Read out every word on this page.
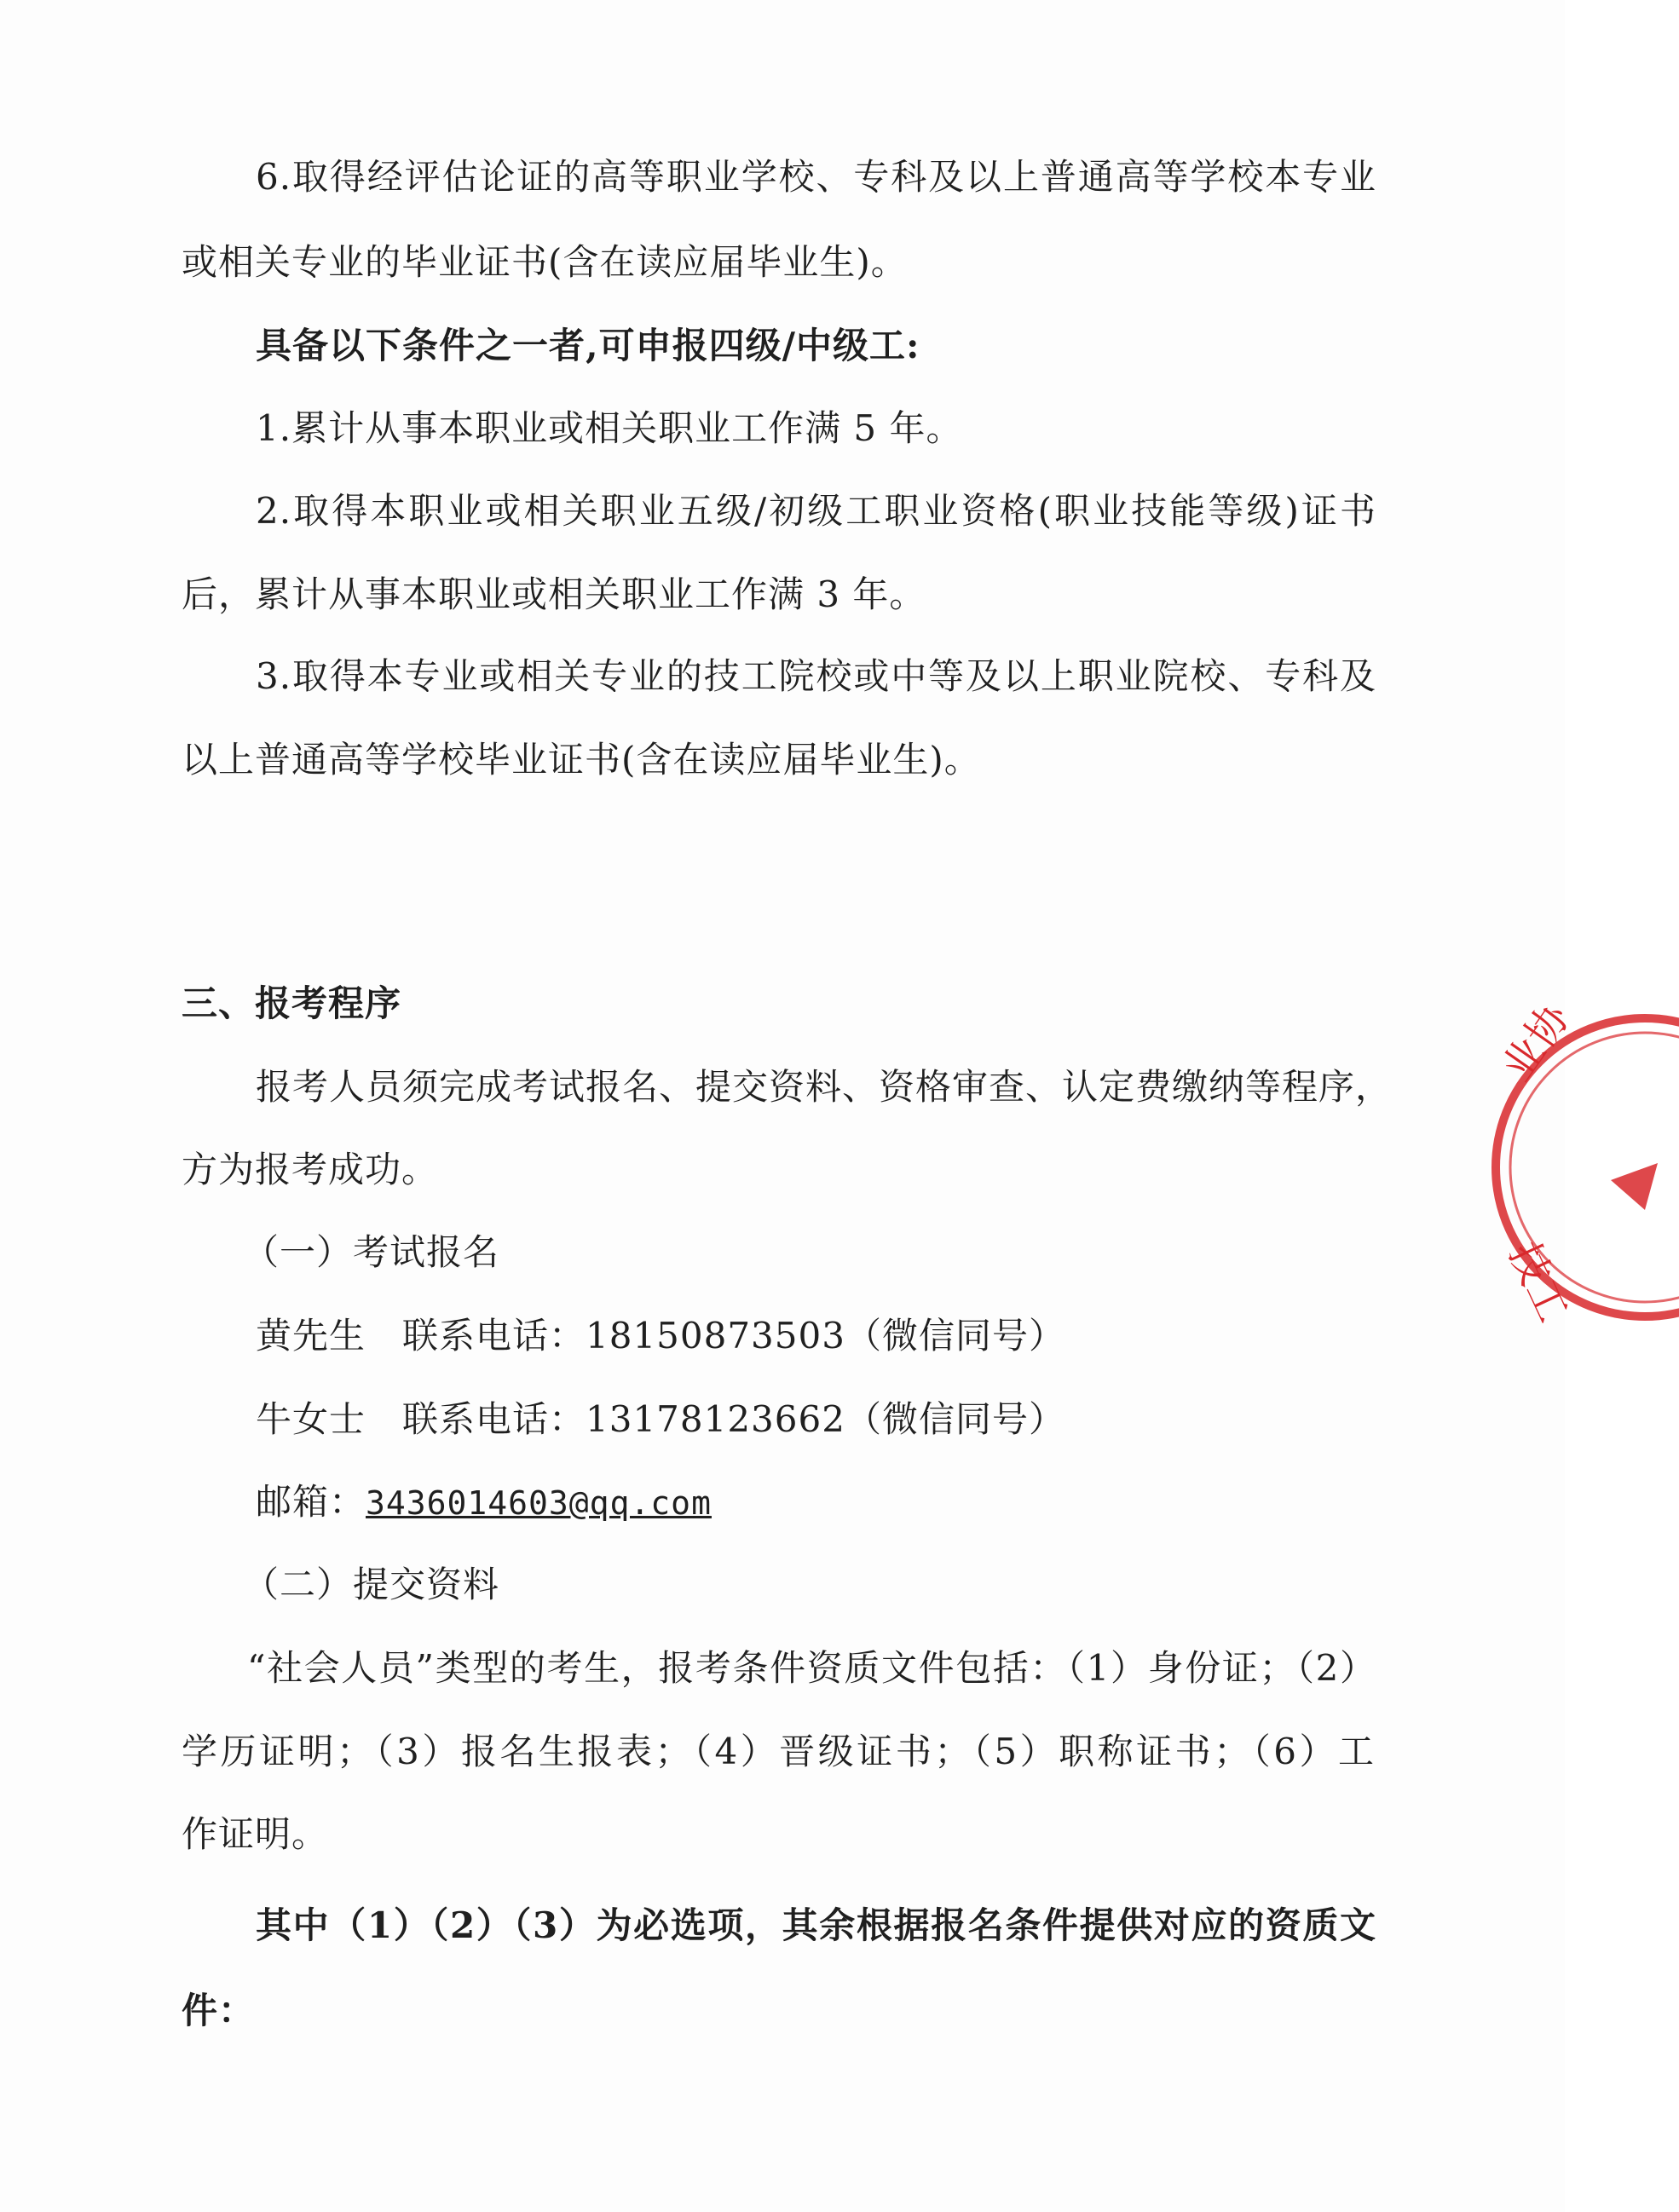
6.取得经评估论证的高等职业学校、专科及以上普通高等学校本专业
或相关专业的毕业证书(含在读应届毕业生)。
具备以下条件之一者,可申报四级/中级工:
1.累计从事本职业或相关职业工作满 5 年。
2.取得本职业或相关职业五级/初级工职业资格(职业技能等级)证书
后，累计从事本职业或相关职业工作满 3 年。
3.取得本专业或相关专业的技工院校或中等及以上职业院校、专科及
以上普通高等学校毕业证书(含在读应届毕业生)。
三、报考程序
报考人员须完成考试报名、提交资料、资格审查、认定费缴纳等程序，
方为报考成功。
（一）考试报名
黄先生　联系电话：18150873503（微信同号）
牛女士　联系电话：13178123662（微信同号）
邮箱：3436014603@qq.com
（二）提交资料
“社会人员”类型的考生，报考条件资质文件包括：（1）身份证；（2）
学历证明；（3）报名生报表；（4）晋级证书；（5）职称证书；（6）工
作证明。
其中（1）（2）（3）为必选项，其余根据报名条件提供对应的资质文
件：
业协
技工
